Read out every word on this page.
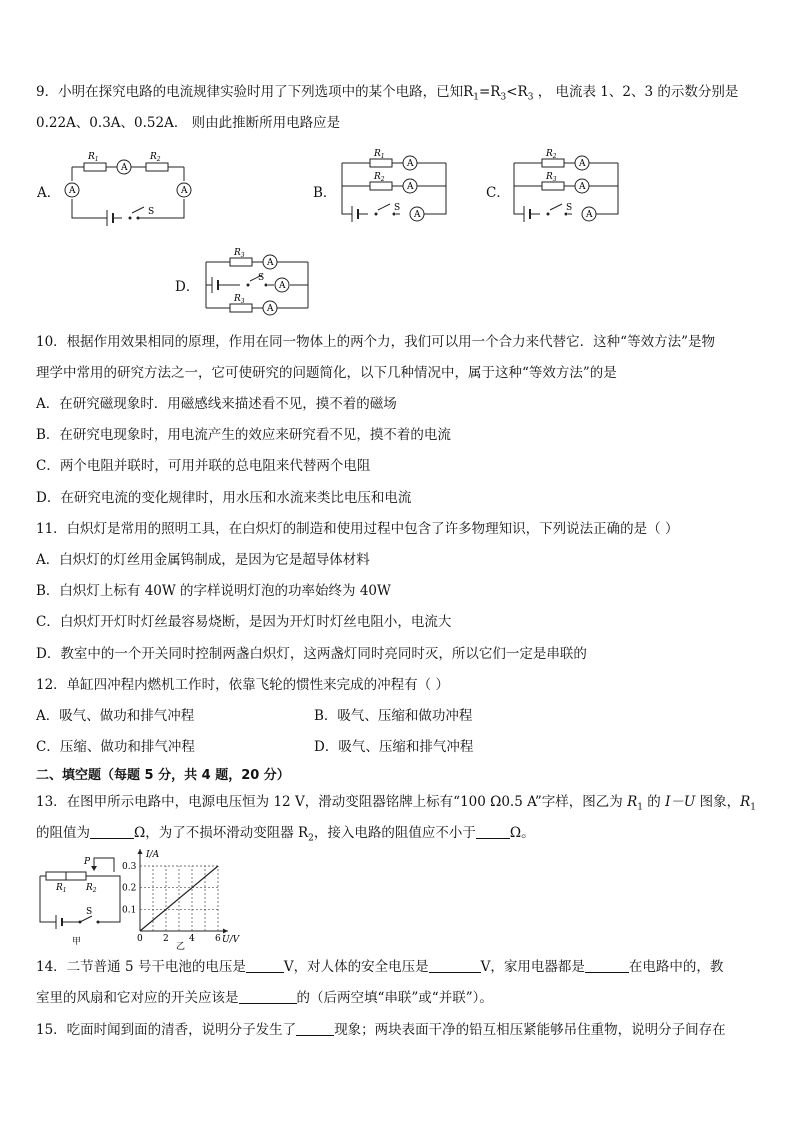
9．小明在探究电路的电流规律实验时用了下列选项中的某个电路，已知$R_1=R_3<R_3$ ， 电流表 1、2、3 的示数分别是
0.22A、0.3A、0.52A． 则由此推断所用电路应是
A．
A
A	A
$R_1$	$R_2$
S
B．
A
A
A
$R_1$
$R_2$
S
C．
A
A
A
$R_2$
$R_3$
S
D．
A
A
A
$R_3$
$R_3$
S
10．根据作用效果相同的原理，作用在同一物体上的两个力，我们可以用一个合力来代替它．这种“等效方法”是物
理学中常用的研究方法之一，它可使研究的问题简化，以下几种情况中，属于这种“等效方法”的是
A．在研究磁现象时．用磁感线来描述看不见，摸不着的磁场
B．在研究电现象时，用电流产生的效应来研究看不见，摸不着的电流
C．两个电阻并联时，可用并联的总电阻来代替两个电阻
D．在研究电流的变化规律时，用水压和水流来类比电压和电流
11．白炽灯是常用的照明工具，在白炽灯的制造和使用过程中包含了许多物理知识，下列说法正确的是（ ）
A．白炽灯的灯丝用金属钨制成，是因为它是超导体材料
B．白炽灯上标有 40W 的字样说明灯泡的功率始终为 40W
C．白炽灯开灯时灯丝最容易烧断，是因为开灯时灯丝电阻小，电流大
D．教室中的一个开关同时控制两盏白炽灯，这两盏灯同时亮同时灭，所以它们一定是串联的
12．单缸四冲程内燃机工作时，依靠飞轮的惯性来完成的冲程有（ ）
A．吸气、做功和排气冲程	B．吸气、压缩和做功冲程
C．压缩、做功和排气冲程	D．吸气、压缩和排气冲程
二、填空题（每题 5 分，共 4 题，20 分）
13．在图甲所示电路中，电源电压恒为 12 V，滑动变阻器铭牌上标有“100 Ω0.5 A”字样，图乙为 $R_1$ 的 I－U 图象，$R_1$
的阻值为	Ω，为了不损坏滑动变阻器 $R_2$，接入电路的阻值应不小于	Ω。
P
$R_1$ $R_2$
S
甲
0.3
0.2
0.1
0 2 4 6
I/A
U/V
乙
14．二节普通 5 号干电池的电压是	V，对人体的安全电压是	V，家用电器都是	在电路中的，教
室里的风扇和它对应的开关应该是	的（后两空填“串联”或“并联”）。
15．吃面时闻到面的清香，说明分子发生了	现象；两块表面干净的铅互相压紧能够吊住重物，说明分子间存在
